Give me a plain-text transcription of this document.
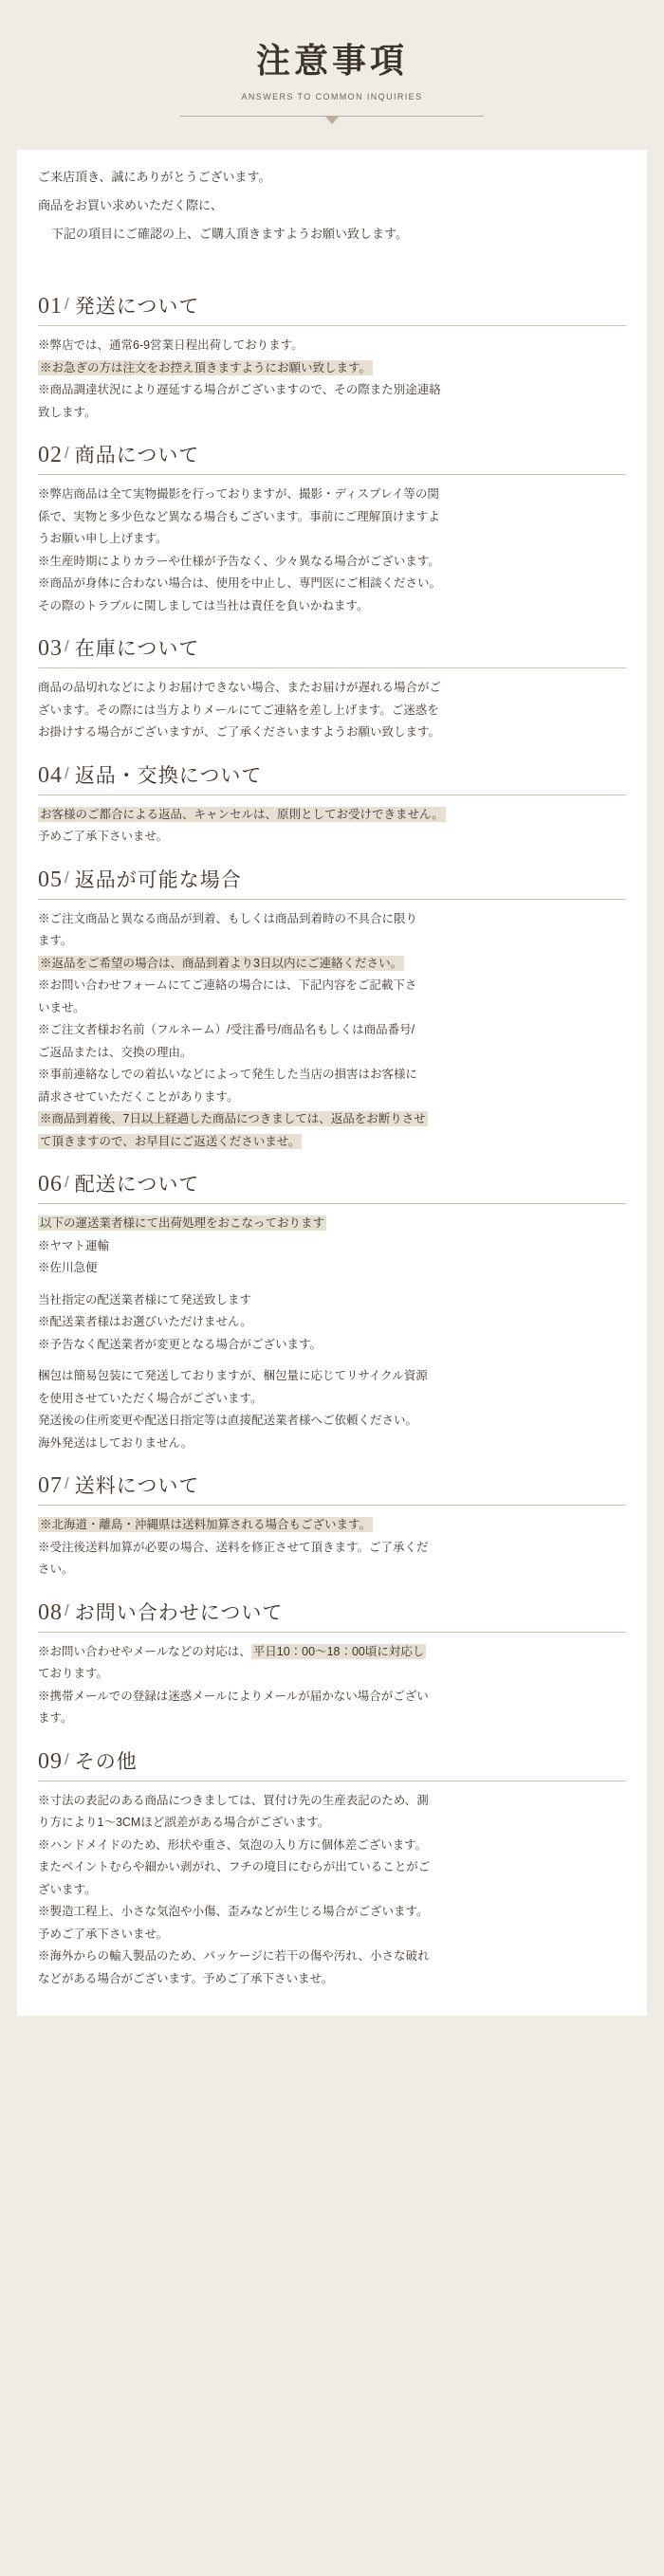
注意事項
ANSWERS TO COMMON INQUIRIES

ご来店頂き、誠にありがとうございます。

商品をお買い求めいただく際に、

下記の項目にご確認の上、ご購入頂きますようお願い致します。

01 / 発送について

※弊店では、通常6-9営業日程出荷しております。

※お急ぎの方は注文をお控え頂きますようにお願い致します。

※商品調達状況により遅延する場合がございますので、その際また別途連絡

致します。

02 / 商品について

※弊店商品は全て実物撮影を行っておりますが、撮影・ディスプレイ等の関

係で、実物と多少色など異なる場合もございます。事前にご理解頂けますよ

うお願い申し上げます。

※生産時期によりカラーや仕様が予告なく、少々異なる場合がございます。

※商品が身体に合わない場合は、使用を中止し、専門医にご相談ください。

その際のトラブルに関しましては当社は責任を負いかねます。

03 / 在庫について

商品の品切れなどによりお届けできない場合、またお届けが遅れる場合がご

ざいます。その際には当方よりメールにてご連絡を差し上げます。ご迷惑を

お掛けする場合がございますが、ご了承くださいますようお願い致します。

04 / 返品・交換について

お客様のご都合による返品、キャンセルは、原則としてお受けできません。

予めご了承下さいませ。

05 / 返品が可能な場合

※ご注文商品と異なる商品が到着、もしくは商品到着時の不具合に限り

ます。

※返品をご希望の場合は、商品到着より3日以内にご連絡ください。

※お問い合わせフォームにてご連絡の場合には、下記内容をご記載下さ

いませ。

※ご注文者様お名前（フルネーム）/受注番号/商品名もしくは商品番号/

ご返品または、交換の理由。

※事前連絡なしでの着払いなどによって発生した当店の損害はお客様に

請求させていただくことがあります。

※商品到着後、7日以上経過した商品につきましては、返品をお断りさせ

て頂きますので、お早目にご返送くださいませ。

06 / 配送について

以下の運送業者様にて出荷処理をおこなっております

※ヤマト運輸

※佐川急便

当社指定の配送業者様にて発送致します

※配送業者様はお選びいただけません。

※予告なく配送業者が変更となる場合がございます。

梱包は簡易包装にて発送しておりますが、梱包量に応じてリサイクル資源

を使用させていただく場合がございます。

発送後の住所変更や配送日指定等は直接配送業者様へご依頼ください。

海外発送はしておりません。

07 / 送料について

※北海道・離島・沖縄県は送料加算される場合もございます。

※受注後送料加算が必要の場合、送料を修正させて頂きます。ご了承くだ

さい。

08 / お問い合わせについて

※お問い合わせやメールなどの対応は、 平日10：00～18：00頃に対応し

ております。

※携帯メールでの登録は迷惑メールによりメールが届かない場合がござい

ます。

09 / その他

※寸法の表記のある商品につきましては、買付け先の生産表記のため、測

り方により1～3CMほど誤差がある場合がございます。

※ハンドメイドのため、形状や重さ、気泡の入り方に個体差ございます。

またペイントむらや細かい剥がれ、フチの境目にむらが出ていることがご

ざいます。

※製造工程上、小さな気泡や小傷、歪みなどが生じる場合がございます。

予めご了承下さいませ。

※海外からの輸入製品のため、パッケージに若干の傷や汚れ、小さな破れ

などがある場合がございます。予めご了承下さいませ。
